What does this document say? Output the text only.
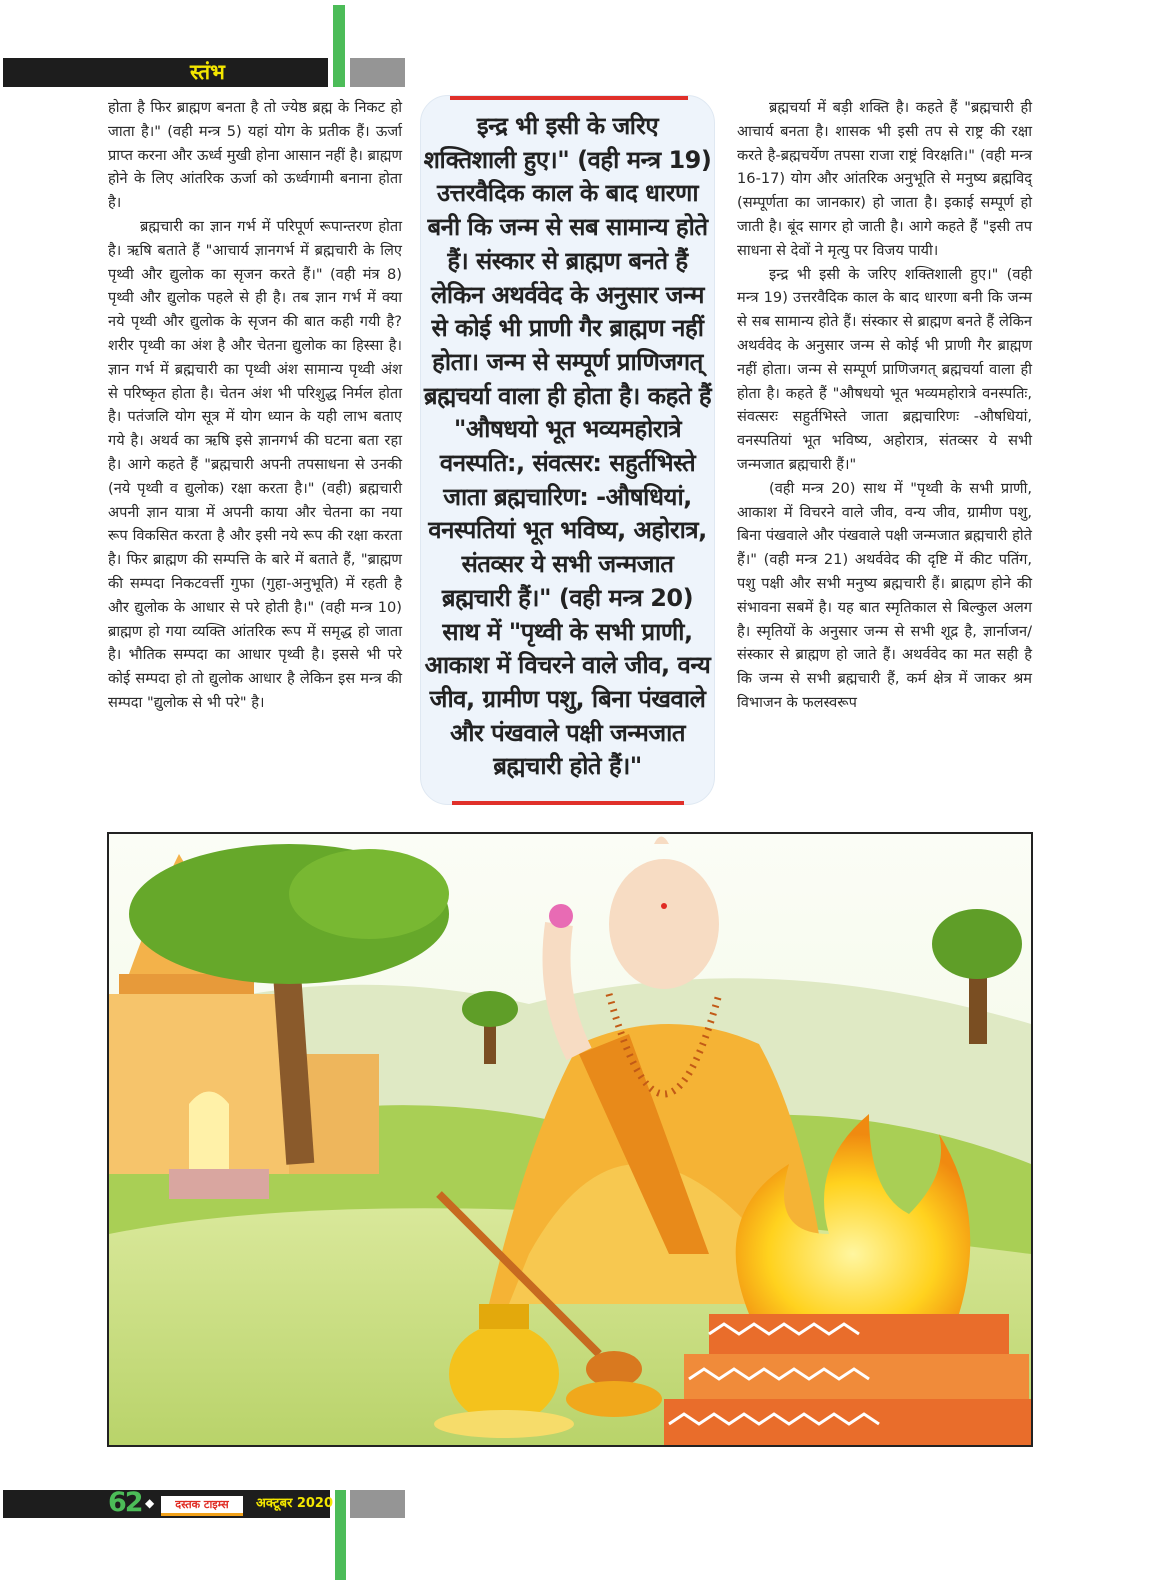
स्तंभ

होता है फिर ब्राह्मण बनता है तो ज्येष्ठ ब्रह्म के निकट हो जाता है।" (वही मन्त्र 5) यहां योग के प्रतीक हैं। ऊर्जा प्राप्त करना और ऊर्ध्व मुखी होना आसान नहीं है। ब्राह्मण होने के लिए आंतरिक ऊर्जा को ऊर्ध्वगामी बनाना होता है।

ब्रह्मचारी का ज्ञान गर्भ में परिपूर्ण रूपान्तरण होता है। ऋषि बताते हैं "आचार्य ज्ञानगर्भ में ब्रह्मचारी के लिए पृथ्वी और द्युलोक का सृजन करते हैं।" (वही मंत्र 8) पृथ्वी और द्युलोक पहले से ही है। तब ज्ञान गर्भ में क्या नये पृथ्वी और द्युलोक के सृजन की बात कही गयी है? शरीर पृथ्वी का अंश है और चेतना द्युलोक का हिस्सा है। ज्ञान गर्भ में ब्रह्मचारी का पृथ्वी अंश सामान्य पृथ्वी अंश से परिष्कृत होता है। चेतन अंश भी परिशुद्ध निर्मल होता है। पतंजलि योग सूत्र में योग ध्यान के यही लाभ बताए गये है। अथर्व का ऋषि इसे ज्ञानगर्भ की घटना बता रहा है। आगे कहते हैं "ब्रह्मचारी अपनी तपसाधना से उनकी (नये पृथ्वी व द्युलोक) रक्षा करता है।" (वही) ब्रह्मचारी अपनी ज्ञान यात्रा में अपनी काया और चेतना का नया रूप विकसित करता है और इसी नये रूप की रक्षा करता है। फिर ब्राह्मण की सम्पत्ति के बारे में बताते हैं, "ब्राह्मण की सम्पदा निकटवर्त्ती गुफा (गुहा-अनुभूति) में रहती है और द्युलोक के आधार से परे होती है।" (वही मन्त्र 10) ब्राह्मण हो गया व्यक्ति आंतरिक रूप में समृद्ध हो जाता है। भौतिक सम्पदा का आधार पृथ्वी है। इससे भी परे कोई सम्पदा हो तो द्युलोक आधार है लेकिन इस मन्त्र की सम्पदा "द्युलोक से भी परे" है।

इन्द्र भी इसी के जरिए
शक्तिशाली हुए।" (वही मन्त्र 19)
उत्तरवैदिक काल के बाद धारणा
बनी कि जन्म से सब सामान्य होते
हैं। संस्कार से ब्राह्मण बनते हैं
लेकिन अथर्ववेद के अनुसार जन्म
से कोई भी प्राणी गैर ब्राह्मण नहीं
होता। जन्म से सम्पूर्ण प्राणिजगत्
ब्रह्मचर्या वाला ही होता है। कहते हैं
"औषधयो भूत भव्यमहोरात्रे
वनस्पति:, संवत्सर: सहुर्तभिस्ते
जाता ब्रह्मचारिण: -औषधियां,
वनस्पतियां भूत भविष्य, अहोरात्र,
संतव्सर ये सभी जन्मजात
ब्रह्मचारी हैं।" (वही मन्त्र 20)
साथ में "पृथ्वी के सभी प्राणी,
आकाश में विचरने वाले जीव, वन्य
जीव, ग्रामीण पशु, बिना पंखवाले
और पंखवाले पक्षी जन्मजात
ब्रह्मचारी होते हैं।"

ब्रह्मचर्या में बड़ी शक्ति है। कहते हैं "ब्रह्मचारी ही आचार्य बनता है। शासक भी इसी तप से राष्ट्र की रक्षा करते है-ब्रह्मचर्येण तपसा राजा राष्ट्रं विरक्षति।" (वही मन्त्र 16-17) योग और आंतरिक अनुभूति से मनुष्य ब्रह्मविद् (सम्पूर्णता का जानकार) हो जाता है। इकाई सम्पूर्ण हो जाती है। बूंद सागर हो जाती है। आगे कहते हैं "इसी तप साधना से देवों ने मृत्यु पर विजय पायी।

इन्द्र भी इसी के जरिए शक्तिशाली हुए।" (वही मन्त्र 19) उत्तरवैदिक काल के बाद धारणा बनी कि जन्म से सब सामान्य होते हैं। संस्कार से ब्राह्मण बनते हैं लेकिन अथर्ववेद के अनुसार जन्म से कोई भी प्राणी गैर ब्राह्मण नहीं होता। जन्म से सम्पूर्ण प्राणिजगत् ब्रह्मचर्या वाला ही होता है। कहते हैं "औषधयो भूत भव्यमहोरात्रे वनस्पतिः, संवत्सरः सहुर्तभिस्ते जाता ब्रह्मचारिणः -औषधियां, वनस्पतियां भूत भविष्य, अहोरात्र, संतव्सर ये सभी जन्मजात ब्रह्मचारी हैं।"

(वही मन्त्र 20) साथ में "पृथ्वी के सभी प्राणी, आकाश में विचरने वाले जीव, वन्य जीव, ग्रामीण पशु, बिना पंखवाले और पंखवाले पक्षी जन्मजात ब्रह्मचारी होते हैं।" (वही मन्त्र 21) अथर्ववेद की दृष्टि में कीट पतिंग, पशु पक्षी और सभी मनुष्य ब्रह्मचारी हैं। ब्राह्मण होने की संभावना सबमें है। यह बात स्मृतिकाल से बिल्कुल अलग है। स्मृतियों के अनुसार जन्म से सभी शूद्र है, ज्ञार्नाजन/ संस्कार से ब्राह्मण हो जाते हैं। अथर्ववेद का मत सही है कि जन्म से सभी ब्रह्मचारी हैं, कर्म क्षेत्र में जाकर श्रम विभाजन के फलस्वरूप

62 ◆	दस्तक टाइम्स	अक्टूबर 2020
